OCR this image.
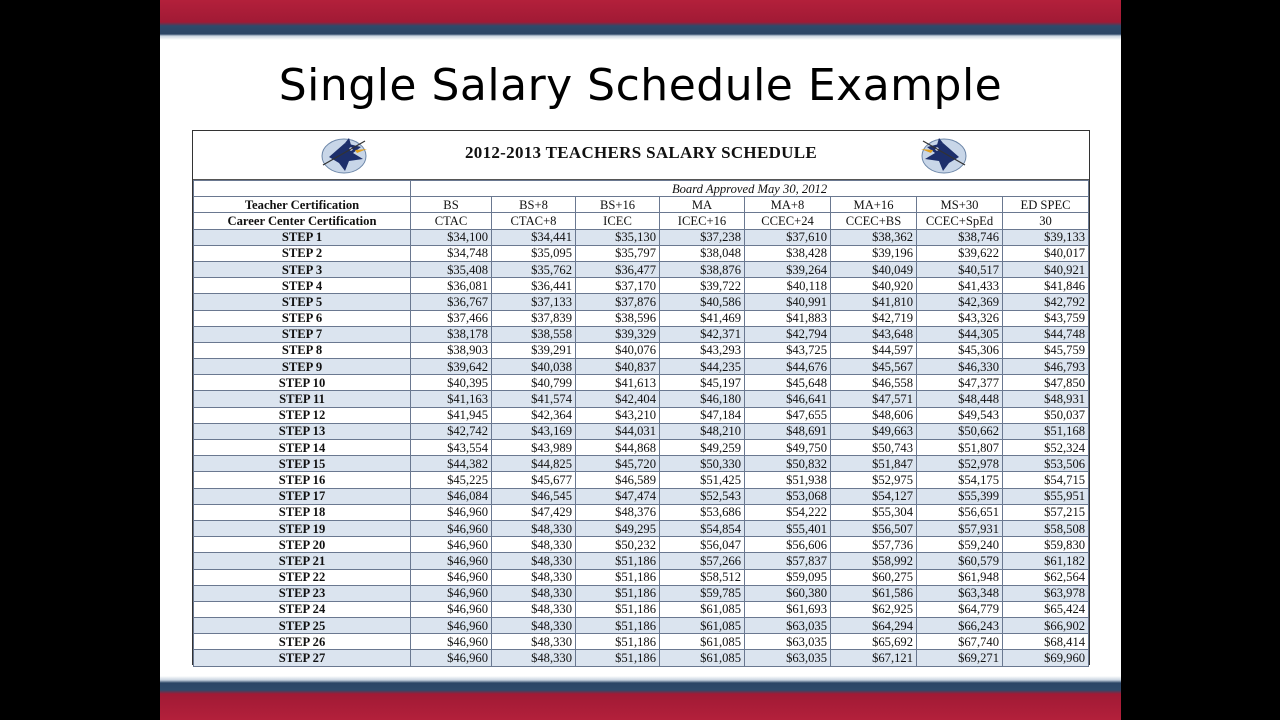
Single Salary Schedule Example
2012-2013 TEACHERS SALARY SCHEDULE
	Board Approved May 30, 2012							
Teacher Certification	BS	BS+8	BS+16	MA	MA+8	MA+16	MS+30	ED SPEC
Career Center Certification	CTAC	CTAC+8	ICEC	ICEC+16	CCEC+24	CCEC+BS	CCEC+SpEd	30
STEP 1	$34,100	$34,441	$35,130	$37,238	$37,610	$38,362	$38,746	$39,133
STEP 2	$34,748	$35,095	$35,797	$38,048	$38,428	$39,196	$39,622	$40,017
STEP 3	$35,408	$35,762	$36,477	$38,876	$39,264	$40,049	$40,517	$40,921
STEP 4	$36,081	$36,441	$37,170	$39,722	$40,118	$40,920	$41,433	$41,846
STEP 5	$36,767	$37,133	$37,876	$40,586	$40,991	$41,810	$42,369	$42,792
STEP 6	$37,466	$37,839	$38,596	$41,469	$41,883	$42,719	$43,326	$43,759
STEP 7	$38,178	$38,558	$39,329	$42,371	$42,794	$43,648	$44,305	$44,748
STEP 8	$38,903	$39,291	$40,076	$43,293	$43,725	$44,597	$45,306	$45,759
STEP 9	$39,642	$40,038	$40,837	$44,235	$44,676	$45,567	$46,330	$46,793
STEP 10	$40,395	$40,799	$41,613	$45,197	$45,648	$46,558	$47,377	$47,850
STEP 11	$41,163	$41,574	$42,404	$46,180	$46,641	$47,571	$48,448	$48,931
STEP 12	$41,945	$42,364	$43,210	$47,184	$47,655	$48,606	$49,543	$50,037
STEP 13	$42,742	$43,169	$44,031	$48,210	$48,691	$49,663	$50,662	$51,168
STEP 14	$43,554	$43,989	$44,868	$49,259	$49,750	$50,743	$51,807	$52,324
STEP 15	$44,382	$44,825	$45,720	$50,330	$50,832	$51,847	$52,978	$53,506
STEP 16	$45,225	$45,677	$46,589	$51,425	$51,938	$52,975	$54,175	$54,715
STEP 17	$46,084	$46,545	$47,474	$52,543	$53,068	$54,127	$55,399	$55,951
STEP 18	$46,960	$47,429	$48,376	$53,686	$54,222	$55,304	$56,651	$57,215
STEP 19	$46,960	$48,330	$49,295	$54,854	$55,401	$56,507	$57,931	$58,508
STEP 20	$46,960	$48,330	$50,232	$56,047	$56,606	$57,736	$59,240	$59,830
STEP 21	$46,960	$48,330	$51,186	$57,266	$57,837	$58,992	$60,579	$61,182
STEP 22	$46,960	$48,330	$51,186	$58,512	$59,095	$60,275	$61,948	$62,564
STEP 23	$46,960	$48,330	$51,186	$59,785	$60,380	$61,586	$63,348	$63,978
STEP 24	$46,960	$48,330	$51,186	$61,085	$61,693	$62,925	$64,779	$65,424
STEP 25	$46,960	$48,330	$51,186	$61,085	$63,035	$64,294	$66,243	$66,902
STEP 26	$46,960	$48,330	$51,186	$61,085	$63,035	$65,692	$67,740	$68,414
STEP 27	$46,960	$48,330	$51,186	$61,085	$63,035	$67,121	$69,271	$69,960
